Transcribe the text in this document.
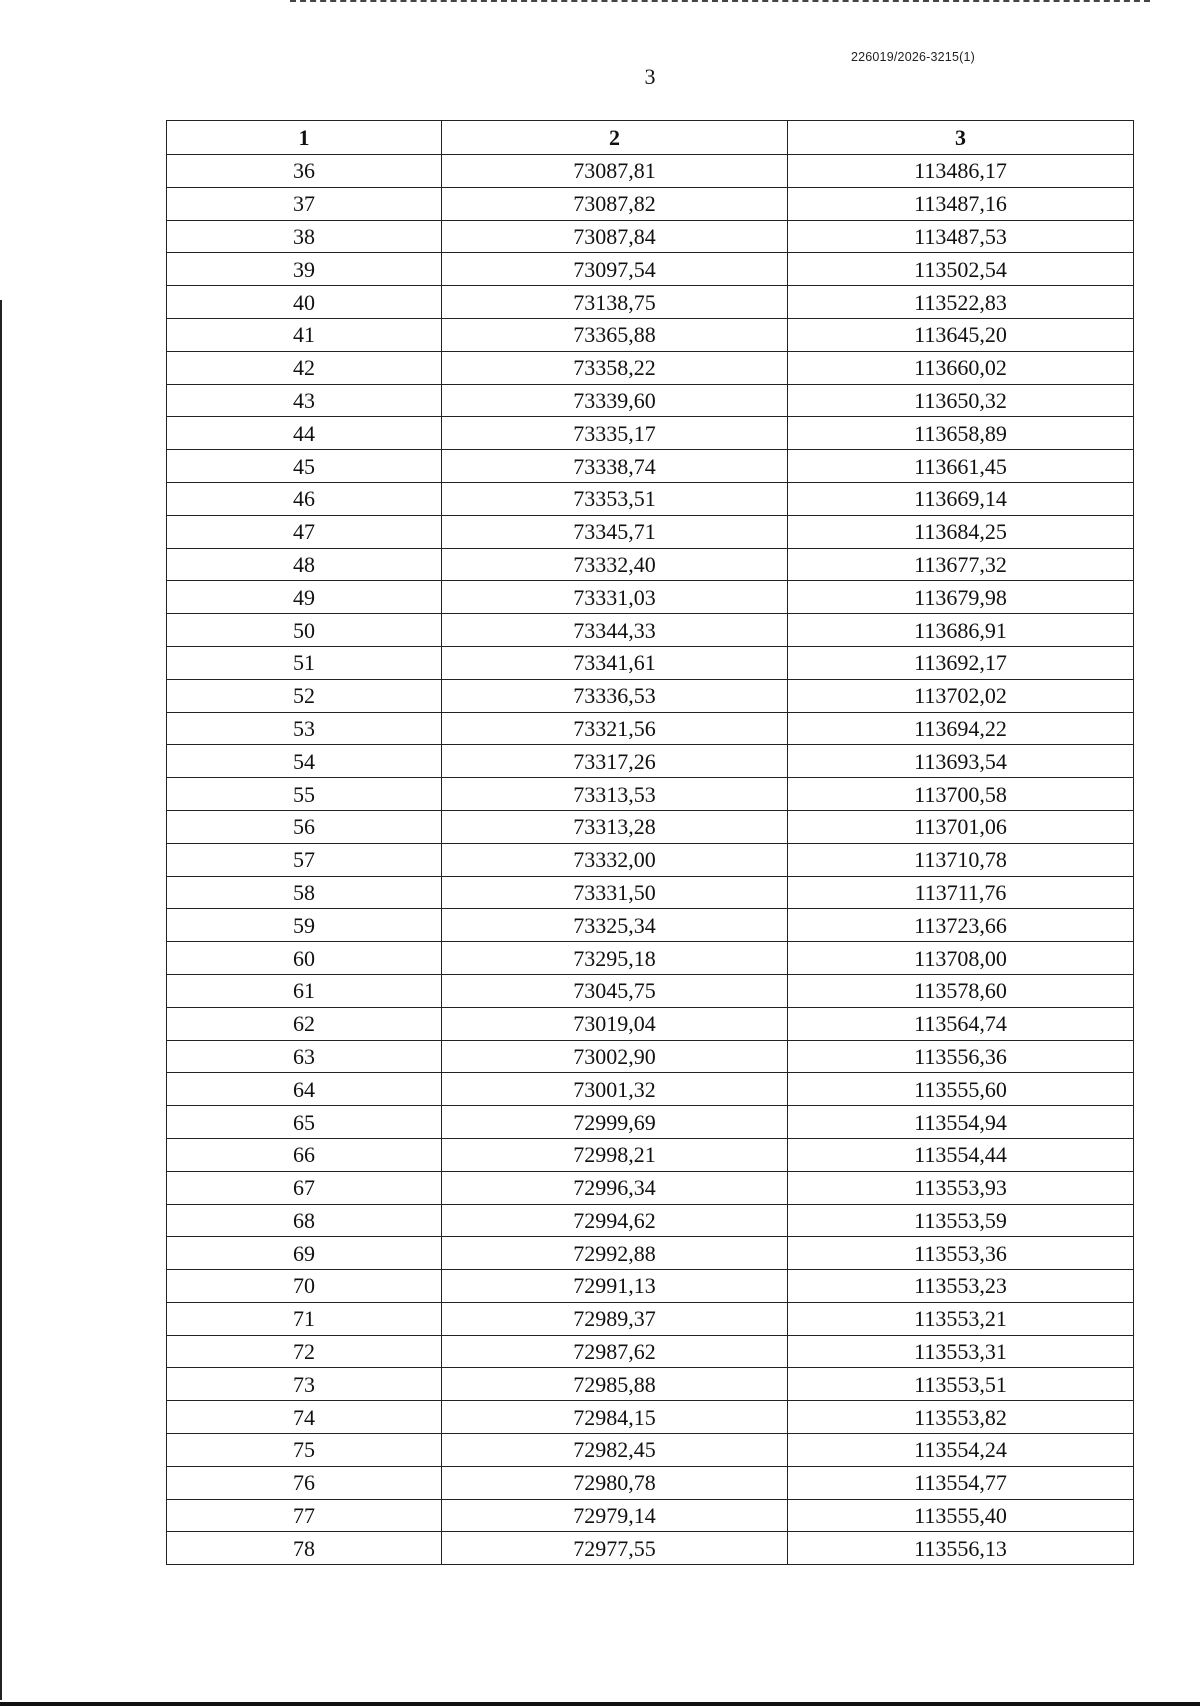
226019/2026-3215(1)
3
1	2	3
36	73087,81	113486,17
37	73087,82	113487,16
38	73087,84	113487,53
39	73097,54	113502,54
40	73138,75	113522,83
41	73365,88	113645,20
42	73358,22	113660,02
43	73339,60	113650,32
44	73335,17	113658,89
45	73338,74	113661,45
46	73353,51	113669,14
47	73345,71	113684,25
48	73332,40	113677,32
49	73331,03	113679,98
50	73344,33	113686,91
51	73341,61	113692,17
52	73336,53	113702,02
53	73321,56	113694,22
54	73317,26	113693,54
55	73313,53	113700,58
56	73313,28	113701,06
57	73332,00	113710,78
58	73331,50	113711,76
59	73325,34	113723,66
60	73295,18	113708,00
61	73045,75	113578,60
62	73019,04	113564,74
63	73002,90	113556,36
64	73001,32	113555,60
65	72999,69	113554,94
66	72998,21	113554,44
67	72996,34	113553,93
68	72994,62	113553,59
69	72992,88	113553,36
70	72991,13	113553,23
71	72989,37	113553,21
72	72987,62	113553,31
73	72985,88	113553,51
74	72984,15	113553,82
75	72982,45	113554,24
76	72980,78	113554,77
77	72979,14	113555,40
78	72977,55	113556,13
